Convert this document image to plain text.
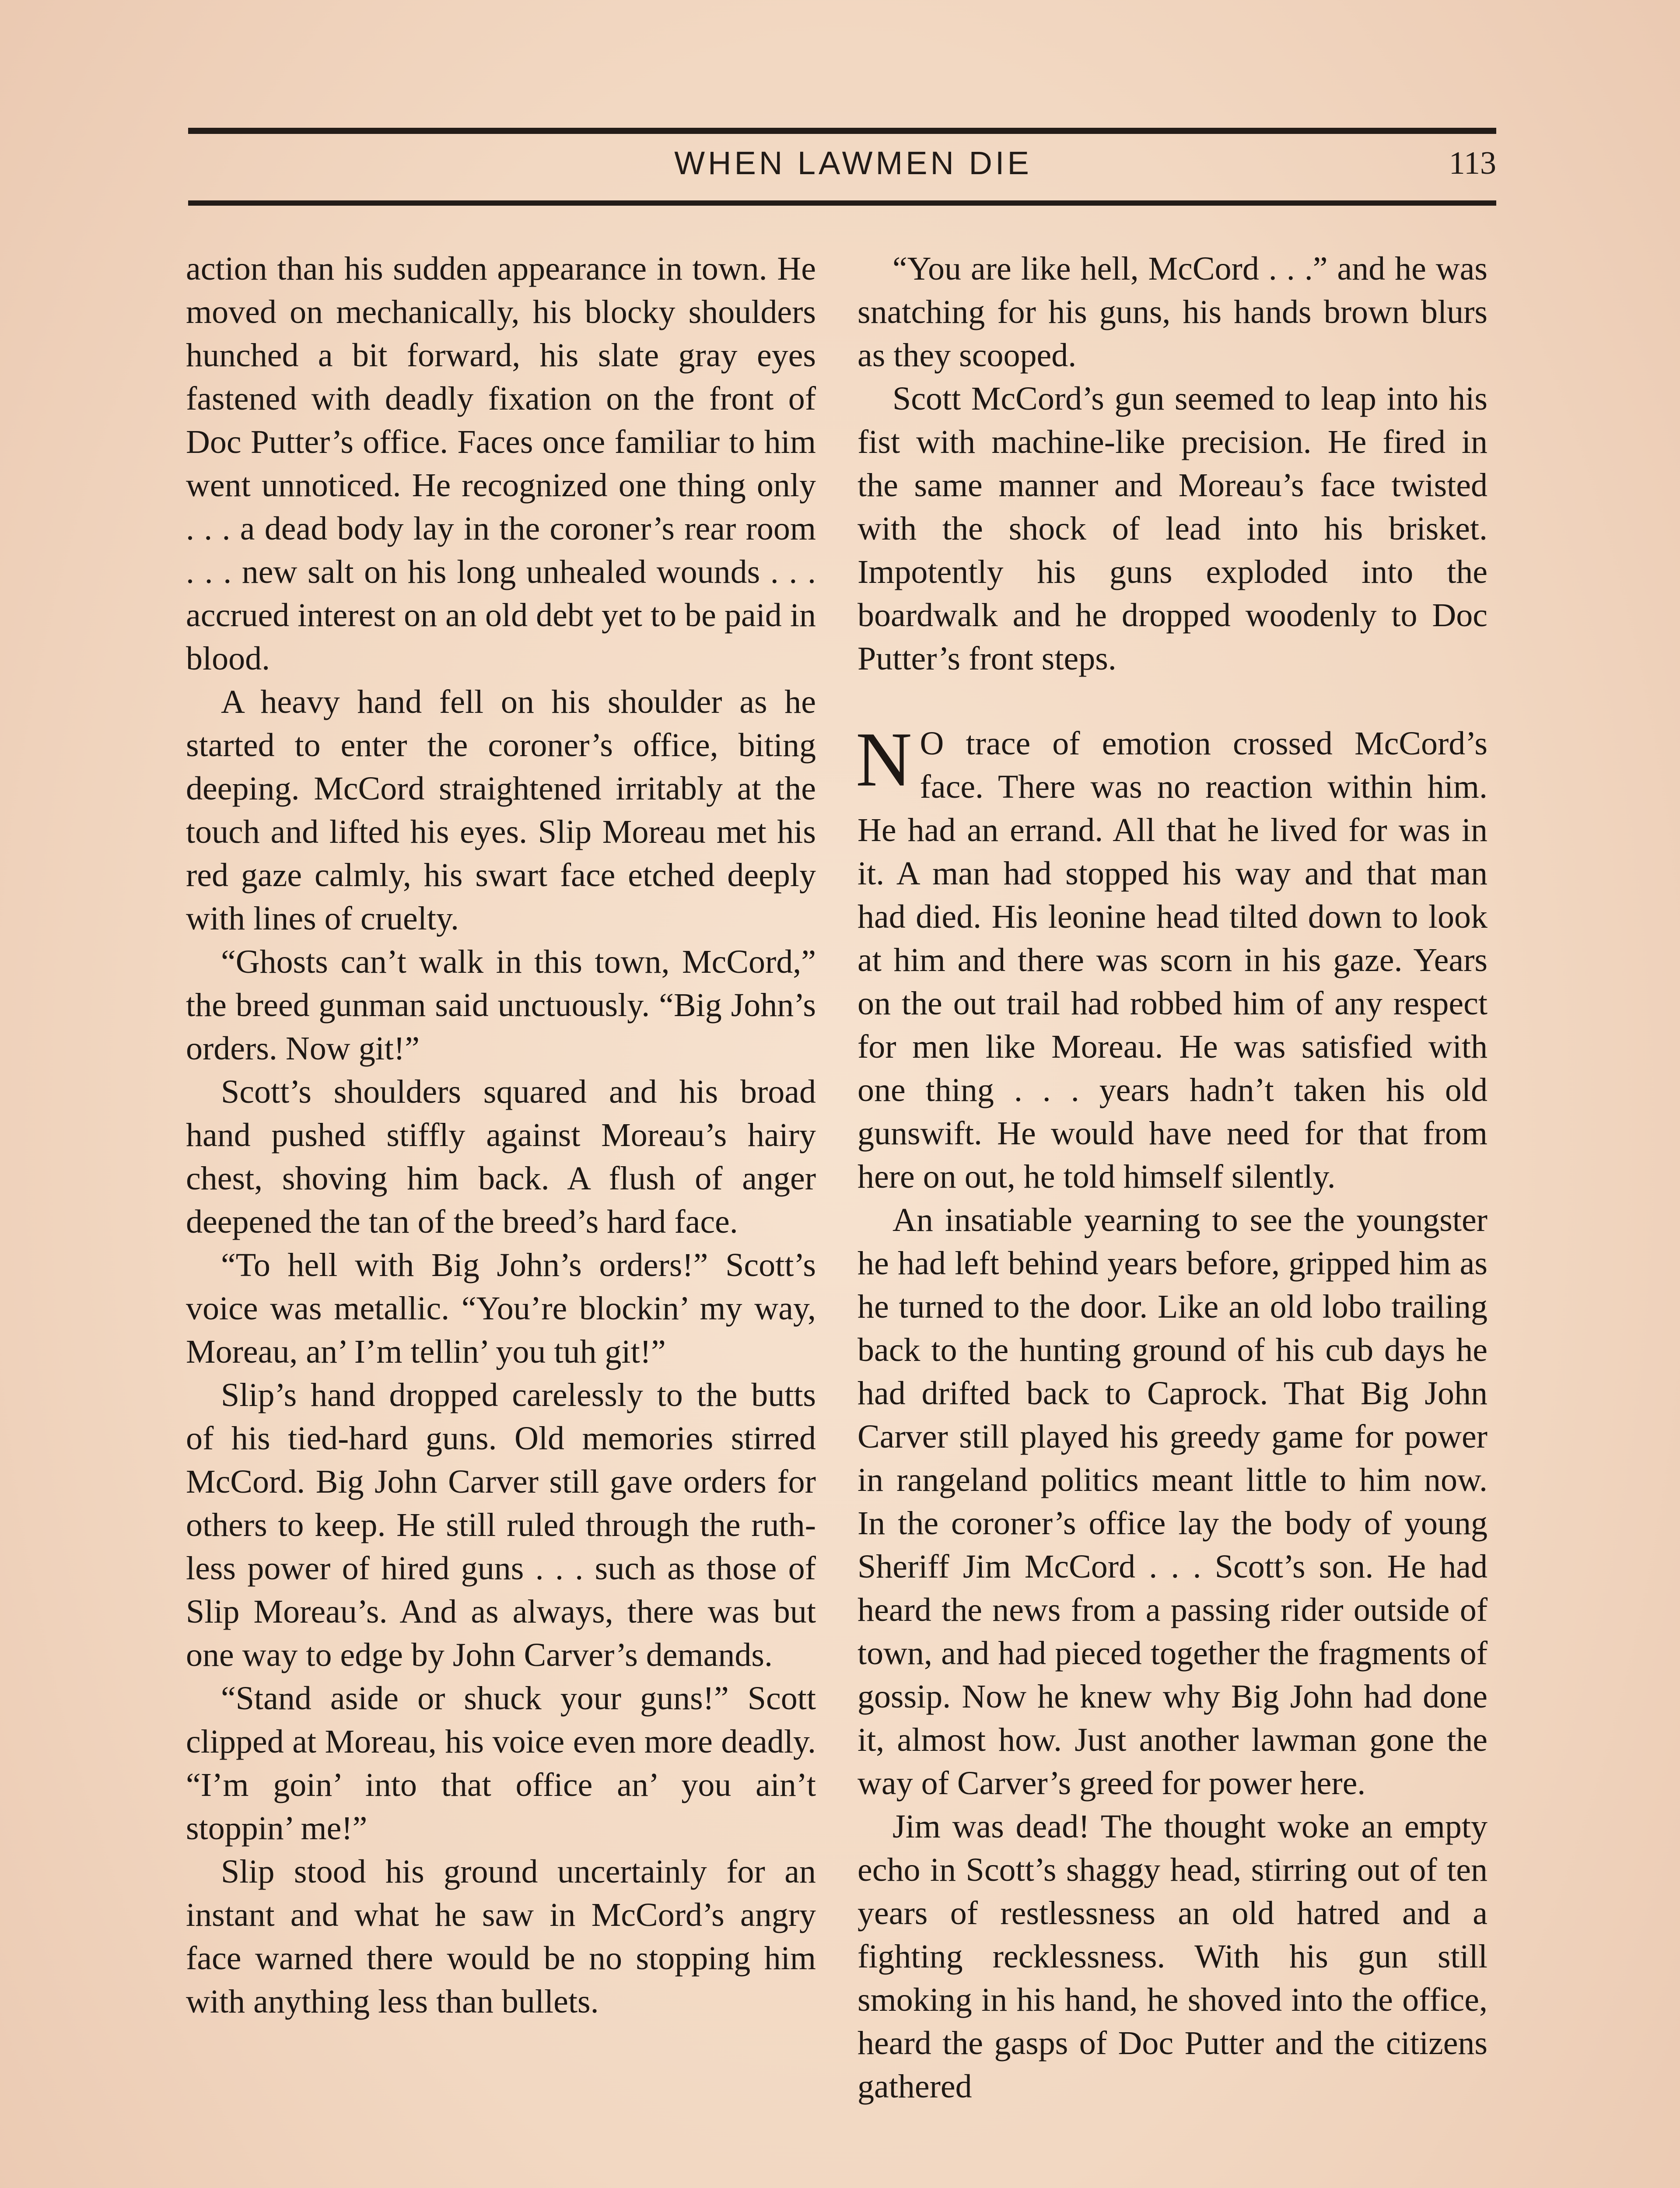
WHEN LAWMEN DIE	113

action than his sudden appearance in town. He moved on mechanically, his blocky shoulders hunched a bit forward, his slate gray eyes fastened with deadly fixation on the front of Doc Putter’s office. Faces once familiar to him went unnoticed. He recognized one thing only . . . a dead body lay in the coroner’s rear room . . . new salt on his long unhealed wounds . . . accrued interest on an old debt yet to be paid in blood.

A heavy hand fell on his shoulder as he started to enter the coroner’s office, biting deeping. McCord straightened irritably at the touch and lifted his eyes. Slip Moreau met his red gaze calmly, his swart face etched deeply with lines of cruelty.

“Ghosts can’t walk in this town, McCord,” the breed gunman said unctuously. “Big John’s orders. Now git!”

Scott’s shoulders squared and his broad hand pushed stiffly against Moreau’s hairy chest, shoving him back. A flush of anger deepened the tan of the breed’s hard face.

“To hell with Big John’s orders!” Scott’s voice was metallic. “You’re blockin’ my way, Moreau, an’ I’m tellin’ you tuh git!”

Slip’s hand dropped carelessly to the butts of his tied-hard guns. Old memories stirred McCord. Big John Carver still gave orders for others to keep. He still ruled through the ruthless power of hired guns . . . such as those of Slip Moreau’s. And as always, there was but one way to edge by John Carver’s demands.

“Stand aside or shuck your guns!” Scott clipped at Moreau, his voice even more deadly. “I’m goin’ into that office an’ you ain’t stoppin’ me!”

Slip stood his ground uncertainly for an instant and what he saw in McCord’s angry face warned there would be no stopping him with anything less than bullets.

“You are like hell, McCord . . .” and he was snatching for his guns, his hands brown blurs as they scooped.

Scott McCord’s gun seemed to leap into his fist with machine-like precision. He fired in the same manner and Moreau’s face twisted with the shock of lead into his brisket. Impotently his guns exploded into the boardwalk and he dropped woodenly to Doc Putter’s front steps.

N O trace of emotion crossed McCord’s face. There was no reaction within him. He had an errand. All that he lived for was in it. A man had stopped his way and that man had died. His leonine head tilted down to look at him and there was scorn in his gaze. Years on the out trail had robbed him of any respect for men like Moreau. He was satisfied with one thing . . . years hadn’t taken his old gunswift. He would have need for that from here on out, he told himself silently.

An insatiable yearning to see the youngster he had left behind years before, gripped him as he turned to the door. Like an old lobo trailing back to the hunting ground of his cub days he had drifted back to Caprock. That Big John Carver still played his greedy game for power in rangeland politics meant little to him now. In the coroner’s office lay the body of young Sheriff Jim McCord . . . Scott’s son. He had heard the news from a passing rider outside of town, and had pieced together the fragments of gossip. Now he knew why Big John had done it, almost how. Just another lawman gone the way of Carver’s greed for power here.

Jim was dead! The thought woke an empty echo in Scott’s shaggy head, stirring out of ten years of restlessness an old hatred and a fighting recklessness. With his gun still smoking in his hand, he shoved into the office, heard the gasps of Doc Putter and the citizens gathered
